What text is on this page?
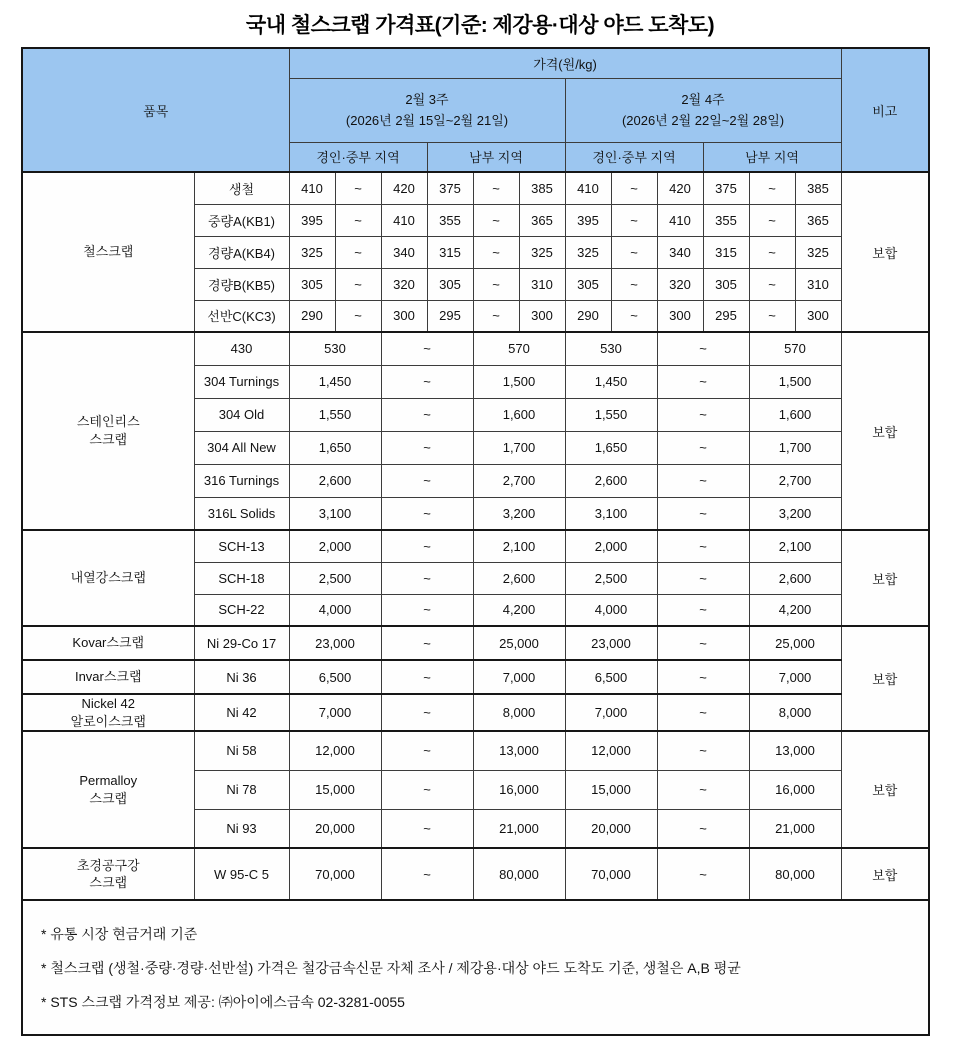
국내 철스크랩 가격표(기준: 제강용·대상 야드 도착도)
품목		가격(원/kg)												비고

2월 3주
(2026년 2월 15일~2월 21일)

2월 4주
(2026년 2월 22일~2월 28일)

		경인·중부 지역			남부 지역			경인·중부 지역			남부 지역			
철스크랩	생철	410	~	420	375	~	385	410	~	420	375	~	385	보합
	중량A(KB1)	395	~	410	355	~	365	395	~	410	355	~	365	
	경량A(KB4)	325	~	340	315	~	325	325	~	340	315	~	325	
	경량B(KB5)	305	~	320	305	~	310	305	~	320	305	~	310	
	선반C(KC3)	290	~	300	295	~	300	290	~	300	295	~	300	
스테인리스
스크랩	430	530		~		570		530		~		570		보합
	304 Turnings	1,450		~		1,500		1,450		~		1,500		
	304 Old	1,550		~		1,600		1,550		~		1,600		
	304 All New	1,650		~		1,700		1,650		~		1,700		
	316 Turnings	2,600		~		2,700		2,600		~		2,700		
	316L Solids	3,100		~		3,200		3,100		~		3,200		
내열강스크랩	SCH-13	2,000		~		2,100		2,000		~		2,100		보합
	SCH-18	2,500		~		2,600		2,500		~		2,600		
	SCH-22	4,000		~		4,200		4,000		~		4,200		
Kovar스크랩	Ni 29-Co 17	23,000		~		25,000		23,000		~		25,000		보합
Invar스크랩	Ni 36	6,500		~		7,000		6,500		~		7,000		
Nickel 42
알로이스크랩	Ni 42	7,000		~		8,000		7,000		~		8,000		
Permalloy
스크랩	Ni 58	12,000		~		13,000		12,000		~		13,000		보합
	Ni 78	15,000		~		16,000		15,000		~		16,000		
	Ni 93	20,000		~		21,000		20,000		~		21,000		
초경공구강
스크랩	W 95-C 5	70,000		~		80,000		70,000		~		80,000		보합

* 유통 시장 현금거래 기준
* 철스크랩 (생철·중량·경량·선반설) 가격은 철강금속신문 자체 조사 / 제강용·대상 야드 도착도 기준, 생철은 A,B 평균
* STS 스크랩 가격정보 제공: ㈜아이에스금속 02-3281-0055														
